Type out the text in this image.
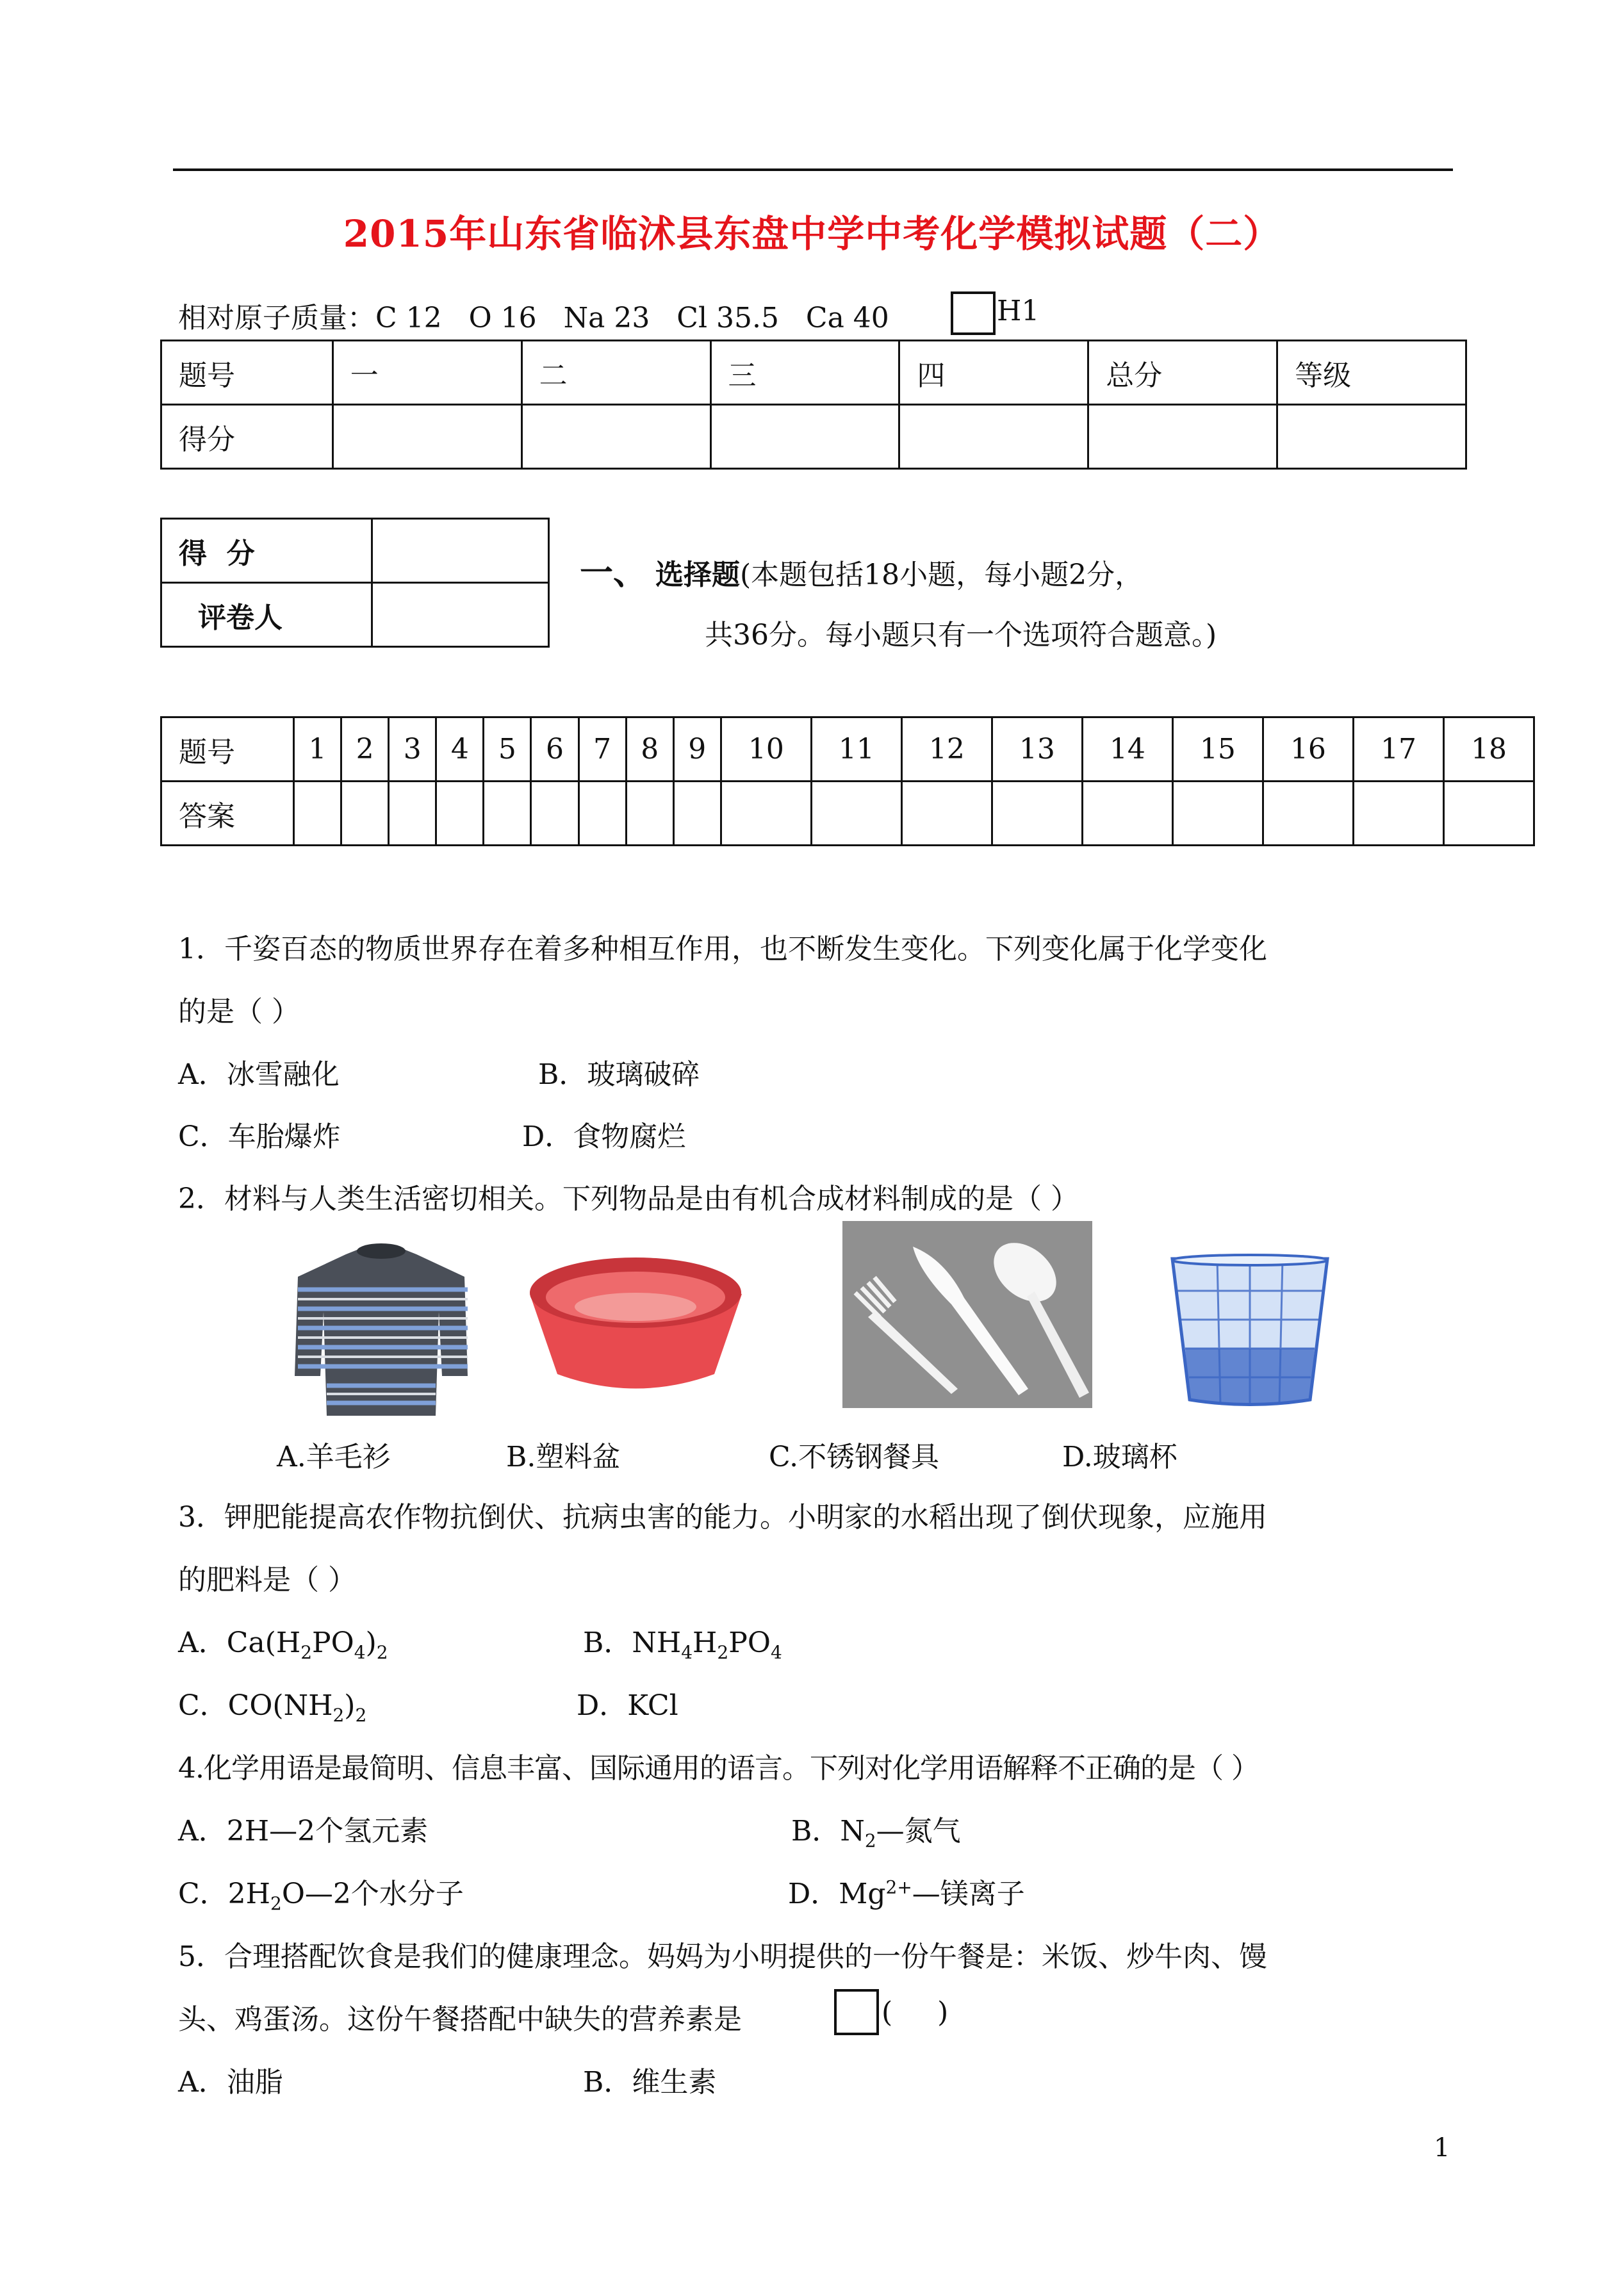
2015年山东省临沭县东盘中学中考化学模拟试题（二）
相对原子质量：C 12   O 16   Na 23   Cl 35.5   Ca 40	H1
题号	一	二	三	四	总分	等级
得分						
得  分	
评卷人	
一、 选择题(本题包括18小题，每小题2分，
共36分。每小题只有一个选项符合题意。)
题号	1	2	3	4	5	6	7	8	9	10	11	12	13	14	15	16	17	18
答案																		
1．千姿百态的物质世界存在着多种相互作用，也不断发生变化。下列变化属于化学变化
的是（ ）
A．冰雪融化	B．玻璃破碎
C．车胎爆炸	D．食物腐烂
2．材料与人类生活密切相关。下列物品是由有机合成材料制成的是（ ）
A.羊毛衫	B.塑料盆	C.不锈钢餐具	D.玻璃杯
3．钾肥能提高农作物抗倒伏、抗病虫害的能力。小明家的水稻出现了倒伏现象，应施用
的肥料是（ ）
A．$Ca(H_2PO_4)_2$	B．$NH_4H_2PO_4$
C．$CO(NH_2)_2$	D．KCl
4.化学用语是最简明、信息丰富、国际通用的语言。下列对化学用语解释不正确的是（ ）
A．2H—2个氢元素	B．$N_2—$氮气
C．$2H_2O—2$个水分子	D．$Mg^{2+}—$镁离子
5．合理搭配饮食是我们的健康理念。妈妈为小明提供的一份午餐是：米饭、炒牛肉、馒
头、鸡蛋汤。这份午餐搭配中缺失的营养素是	(     )
A．油脂	B．维生素
1
